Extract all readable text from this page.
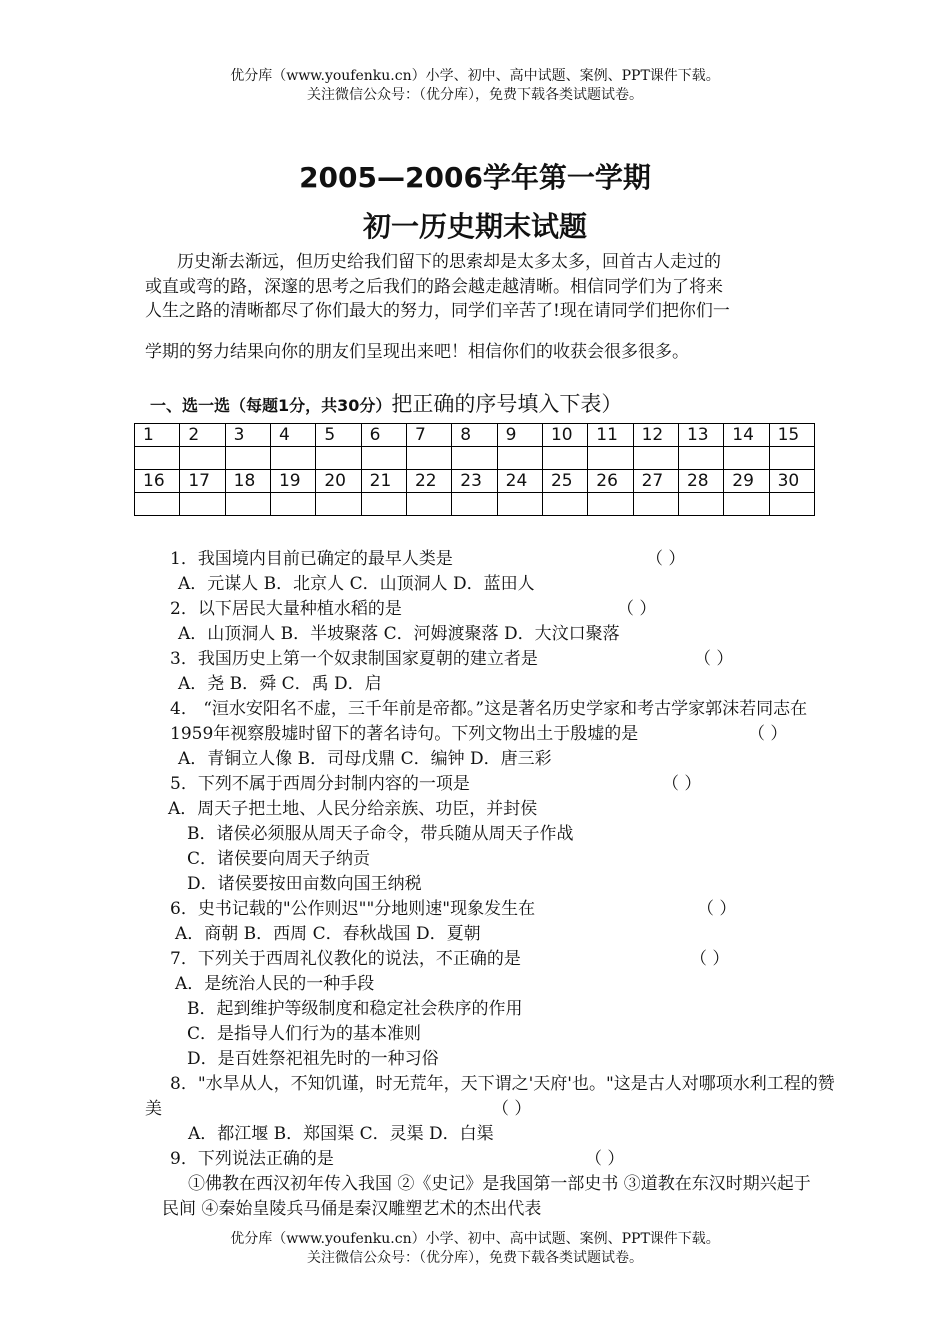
优分库（www.youfenku.cn）小学、初中、高中试题、案例、PPT课件下载。
关注微信公众号：（优分库），免费下载各类试题试卷。
2005—2006学年第一学期
初一历史期末试题
历史渐去渐远，但历史给我们留下的思索却是太多太多，回首古人走过的
或直或弯的路，深邃的思考之后我们的路会越走越清晰。相信同学们为了将来
人生之路的清晰都尽了你们最大的努力，同学们辛苦了!现在请同学们把你们一
学期的努力结果向你的朋友们呈现出来吧！相信你们的收获会很多很多。
一、选一选（每题1分，共30分）把正确的序号填入下表）
1	2	3	4	5	6	7	8	9	10	11	12	13	14	15

16	17	18	19	20	21	22	23	24	25	26	27	28	29	30

1．我国境内目前已确定的最早人类是	（ ）
A．元谋人 B．北京人 C．山顶洞人 D．蓝田人
2．以下居民大量种植水稻的是	（ ）
A．山顶洞人 B．半坡聚落 C．河姆渡聚落 D．大汶口聚落
3．我国历史上第一个奴隶制国家夏朝的建立者是	（ ）
A．尧 B．舜 C．禹 D．启
4． “洹水安阳名不虚，三千年前是帝都。”这是著名历史学家和考古学家郭沫若同志在
1959年视察殷墟时留下的著名诗句。下列文物出土于殷墟的是	（ ）
A．青铜立人像 B．司母戊鼎 C．编钟 D．唐三彩
5．下列不属于西周分封制内容的一项是	（ ）
A．周天子把土地、人民分给亲族、功臣，并封侯
B．诸侯必须服从周天子命令，带兵随从周天子作战
C．诸侯要向周天子纳贡
D．诸侯要按田亩数向国王纳税
6．史书记载的"公作则迟""分地则速"现象发生在	（ ）
A．商朝 B．西周 C．春秋战国 D．夏朝
7．下列关于西周礼仪教化的说法，不正确的是	（ ）
A．是统治人民的一种手段
B．起到维护等级制度和稳定社会秩序的作用
C．是指导人们行为的基本准则
D．是百姓祭祀祖先时的一种习俗
8．"水旱从人，不知饥谨，时无荒年，天下谓之'天府'也。"这是古人对哪项水利工程的赞
美	（ ）
A．都江堰 B．郑国渠 C．灵渠 D．白渠
9．下列说法正确的是	（ ）
①佛教在西汉初年传入我国 ②《史记》是我国第一部史书 ③道教在东汉时期兴起于
民间 ④秦始皇陵兵马俑是秦汉雕塑艺术的杰出代表
优分库（www.youfenku.cn）小学、初中、高中试题、案例、PPT课件下载。
关注微信公众号：（优分库），免费下载各类试题试卷。
